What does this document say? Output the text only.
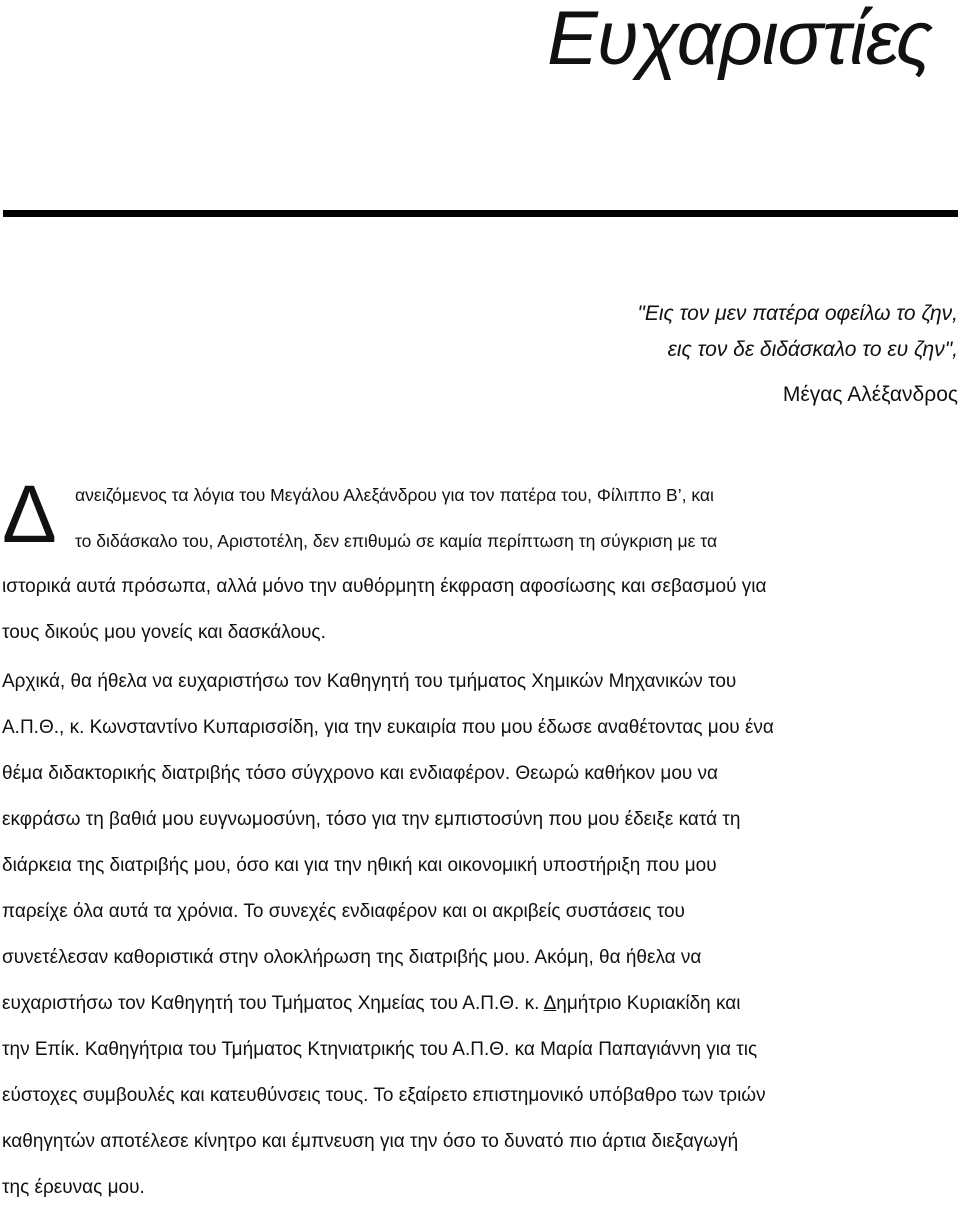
Ευχαριστίες
"Εις τον μεν πατέρα οφείλω το ζην,
εις τον δε διδάσκαλο το ευ ζην",
Μέγας Αλέξανδρος
Δ ανειζόμενος τα λόγια του Μεγάλου Αλεξάνδρου για τον πατέρα του, Φίλιππο Β’, και
το διδάσκαλο του, Αριστοτέλη, δεν επιθυμώ σε καμία περίπτωση τη σύγκριση με τα
ιστορικά αυτά πρόσωπα, αλλά μόνο την αυθόρμητη έκφραση αφοσίωσης και σεβασμού για
τους δικούς μου γονείς και δασκάλους.
Αρχικά, θα ήθελα να ευχαριστήσω τον Καθηγητή του τμήματος Χημικών Μηχανικών του
Α.Π.Θ., κ. Κωνσταντίνο Κυπαρισσίδη, για την ευκαιρία που μου έδωσε αναθέτοντας μου ένα
θέμα διδακτορικής διατριβής τόσο σύγχρονο και ενδιαφέρον. Θεωρώ καθήκον μου να
εκφράσω τη βαθιά μου ευγνωμοσύνη, τόσο για την εμπιστοσύνη που μου έδειξε κατά τη
διάρκεια της διατριβής μου, όσο και για την ηθική και οικονομική υποστήριξη που μου
παρείχε όλα αυτά τα χρόνια. Το συνεχές ενδιαφέρον και οι ακριβείς συστάσεις του
συνετέλεσαν καθοριστικά στην ολοκλήρωση της διατριβής μου. Ακόμη, θα ήθελα να
ευχαριστήσω τον Καθηγητή του Τμήματος Χημείας του Α.Π.Θ. κ. Δημήτριο Κυριακίδη και
την Επίκ. Καθηγήτρια του Τμήματος Κτηνιατρικής του Α.Π.Θ. κα Μαρία Παπαγιάννη για τις
εύστοχες συμβουλές και κατευθύνσεις τους. Το εξαίρετο επιστημονικό υπόβαθρο των τριών
καθηγητών αποτέλεσε κίνητρο και έμπνευση για την όσο το δυνατό πιο άρτια διεξαγωγή
της έρευνας μου.
